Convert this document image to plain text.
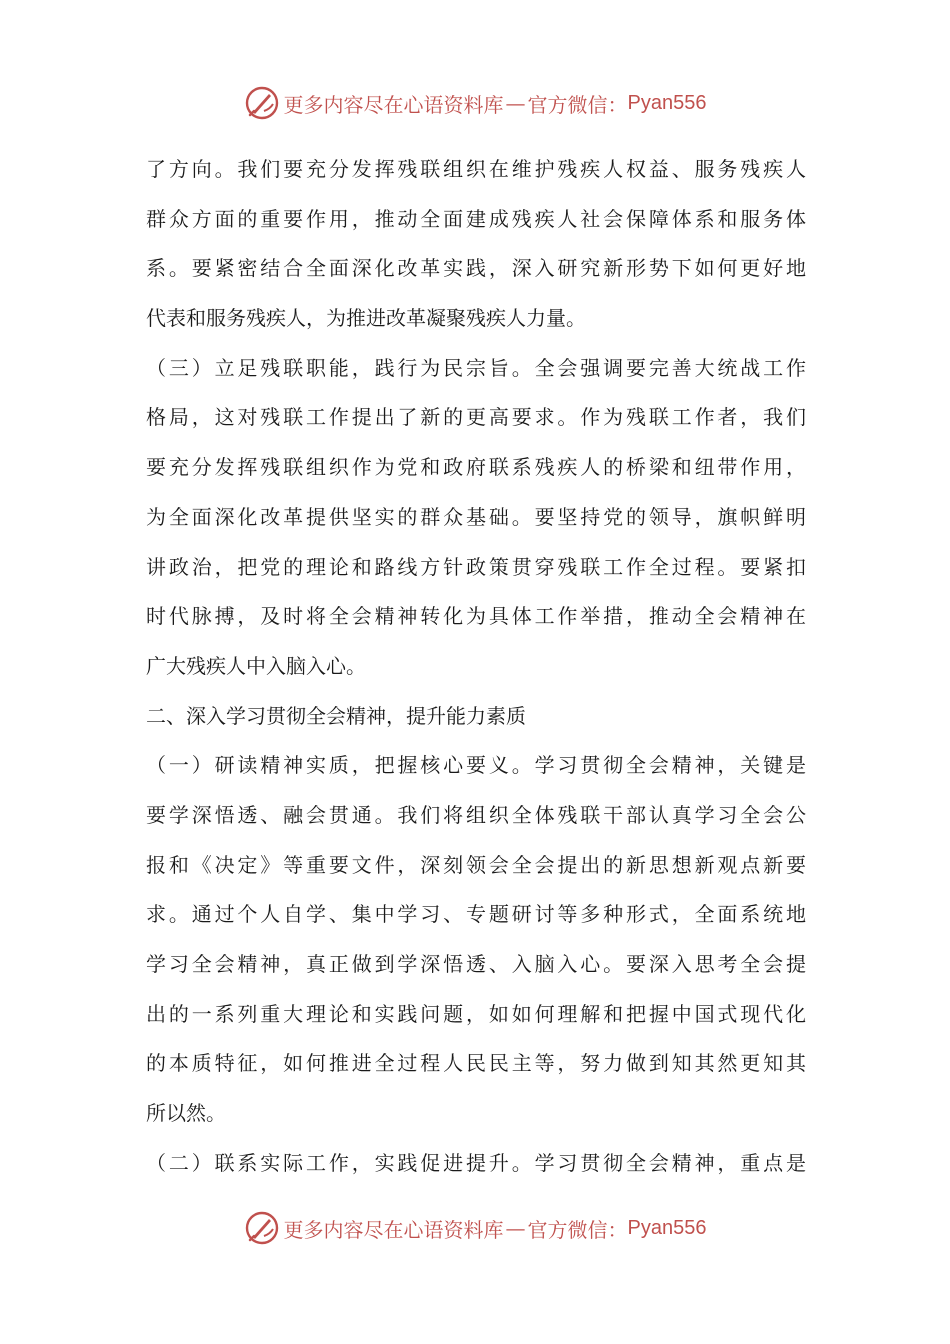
更多内容尽在心语资料库 — 官方微信： Pyan556
了方向。我们要充分发挥残联组织在维护残疾人权益、服务残疾人
群众方面的重要作用，推动全面建成残疾人社会保障体系和服务体
系。要紧密结合全面深化改革实践，深入研究新形势下如何更好地
代表和服务残疾人，为推进改革凝聚残疾人力量。
（三）立足残联职能，践行为民宗旨。全会强调要完善大统战工作
格局，这对残联工作提出了新的更高要求。作为残联工作者，我们
要充分发挥残联组织作为党和政府联系残疾人的桥梁和纽带作用，
为全面深化改革提供坚实的群众基础。要坚持党的领导，旗帜鲜明
讲政治，把党的理论和路线方针政策贯穿残联工作全过程。要紧扣
时代脉搏，及时将全会精神转化为具体工作举措，推动全会精神在
广大残疾人中入脑入心。
二、深入学习贯彻全会精神，提升能力素质
（一）研读精神实质，把握核心要义。学习贯彻全会精神，关键是
要学深悟透、融会贯通。我们将组织全体残联干部认真学习全会公
报和《决定》等重要文件，深刻领会全会提出的新思想新观点新要
求。通过个人自学、集中学习、专题研讨等多种形式，全面系统地
学习全会精神，真正做到学深悟透、入脑入心。要深入思考全会提
出的一系列重大理论和实践问题，如如何理解和把握中国式现代化
的本质特征，如何推进全过程人民民主等，努力做到知其然更知其
所以然。
（二）联系实际工作，实践促进提升。学习贯彻全会精神，重点是
更多内容尽在心语资料库 — 官方微信： Pyan556
